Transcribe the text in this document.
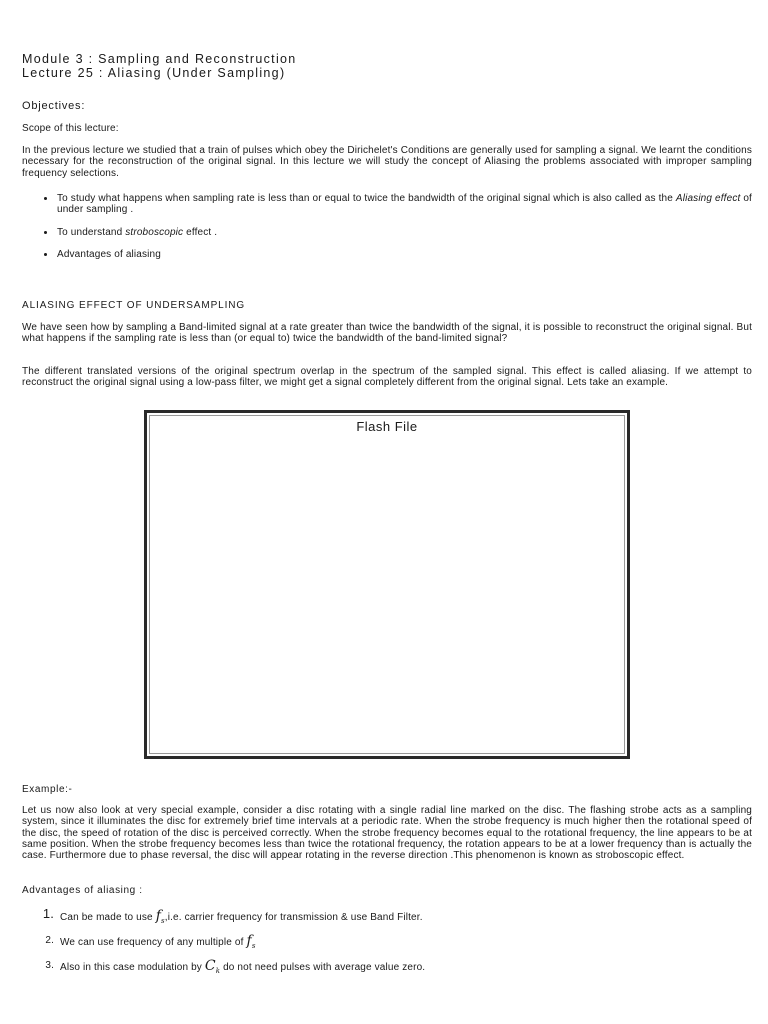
Module 3 : Sampling and Reconstruction

Lecture 25 : Aliasing (Under Sampling)

Objectives:

Scope of this lecture:

In the previous lecture we studied that a train of pulses which obey the Dirichelet's Conditions are generally used for sampling a signal. We learnt the conditions necessary for the reconstruction of the original signal. In this lecture we will study the concept of Aliasing the problems associated with improper sampling frequency selections.

To study what happens when sampling rate is less than or equal to twice the bandwidth of the original signal which is also called as the Aliasing effect of under sampling .
To understand stroboscopic effect .
Advantages of aliasing

ALIASING EFFECT OF UNDERSAMPLING

We have seen how by sampling a Band-limited signal at a rate greater than twice the bandwidth of the signal, it is possible to reconstruct the original signal. But what happens if the sampling rate is less than (or equal to) twice the bandwidth of the band-limited signal?

The different translated versions of the original spectrum overlap in the spectrum of the sampled signal. This effect is called aliasing. If we attempt to reconstruct the original signal using a low-pass filter, we might get a signal completely different from the original signal. Lets take an example.

Flash File

Example:-

Let us now also look at very special example, consider a disc rotating with a single radial line marked on the disc. The flashing strobe acts as a sampling system, since it illuminates the disc for extremely brief time intervals at a periodic rate. When the strobe frequency is much higher then the rotational speed of the disc, the speed of rotation of the disc is perceived correctly. When the strobe frequency becomes equal to the rotational frequency, the line appears to be at same position. When the strobe frequency becomes less than twice the rotational frequency, the rotation appears to be at a lower frequency than is actually the case. Furthermore due to phase reversal, the disc will appear rotating in the reverse direction .This phenomenon is known as stroboscopic effect.

Advantages of aliasing :

1. Can be made to use $f_s,i.e$. carrier frequency for transmission & use Band Filter.
2. We can use frequency of any multiple of $f_s$
3. Also in this case modulation by $C_k$ do not need pulses with average value zero.
